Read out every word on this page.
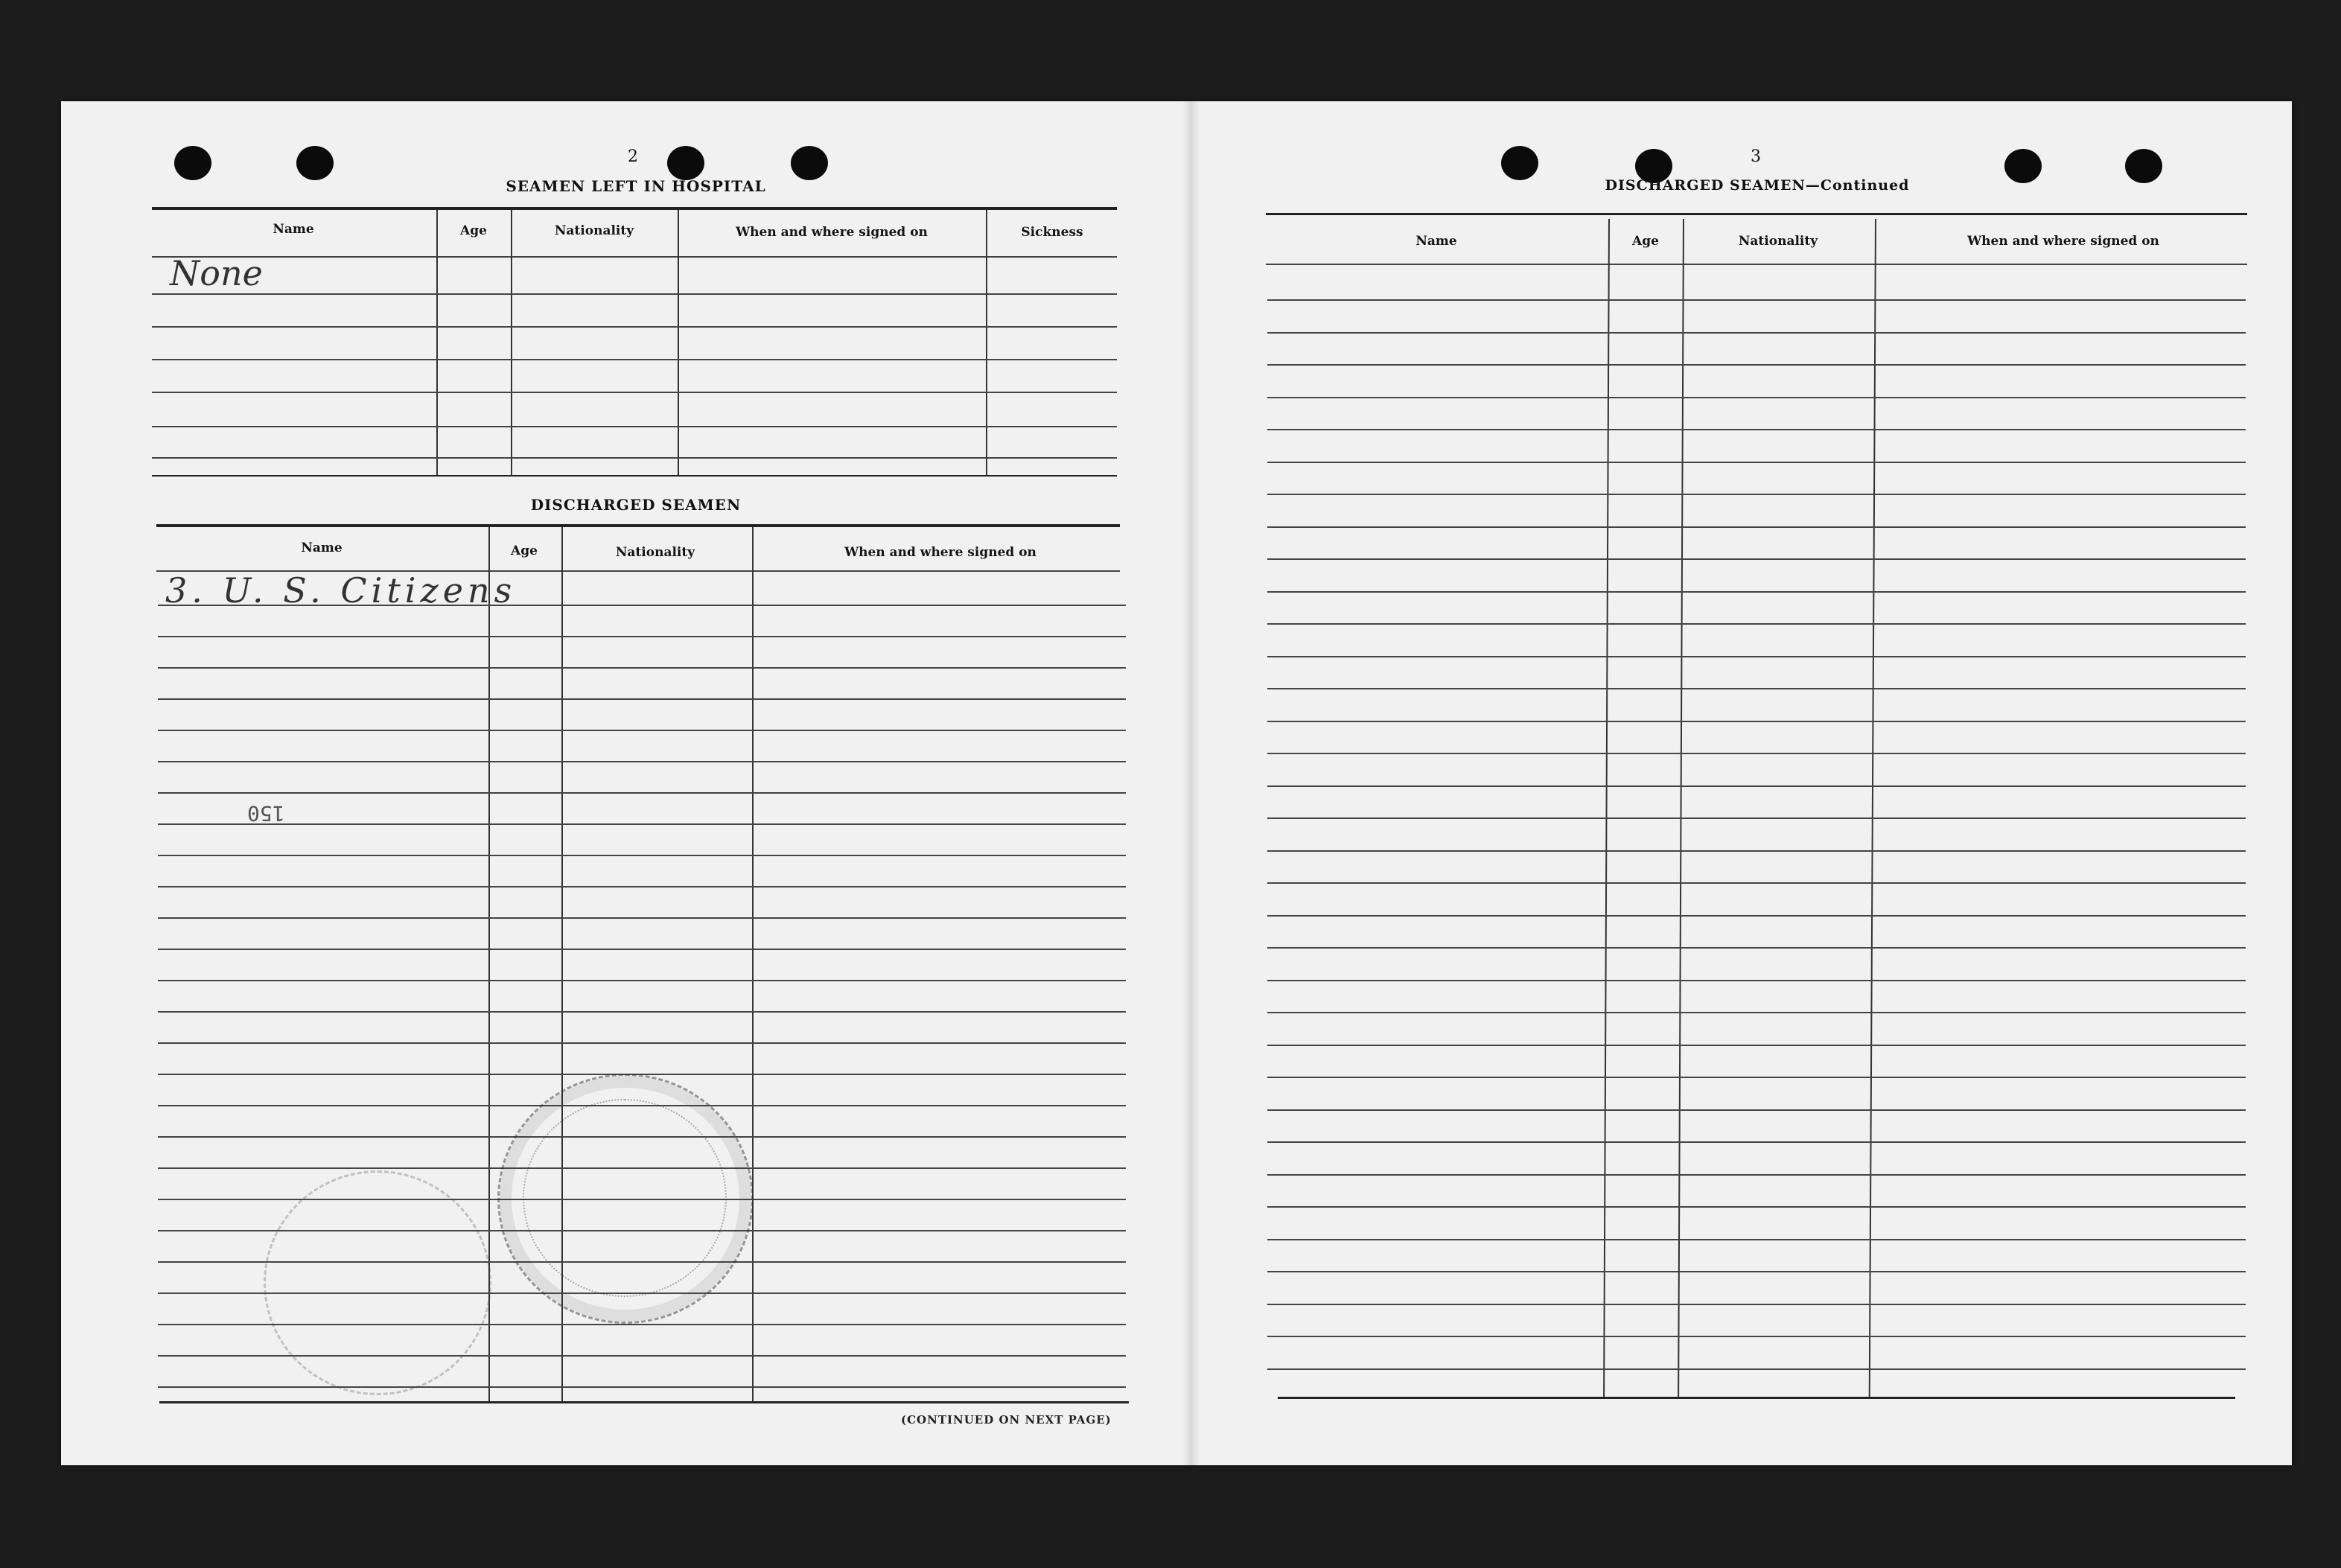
2
SEAMEN LEFT IN HOSPITAL
Name	Age	Nationality	When and where signed on	Sickness
None
DISCHARGED SEAMEN
Name	Age	Nationality	When and where signed on
3. U. S. Citizens
150
(CONTINUED ON NEXT PAGE)
3
DISCHARGED SEAMEN—Continued
Name	Age	Nationality	When and where signed on
